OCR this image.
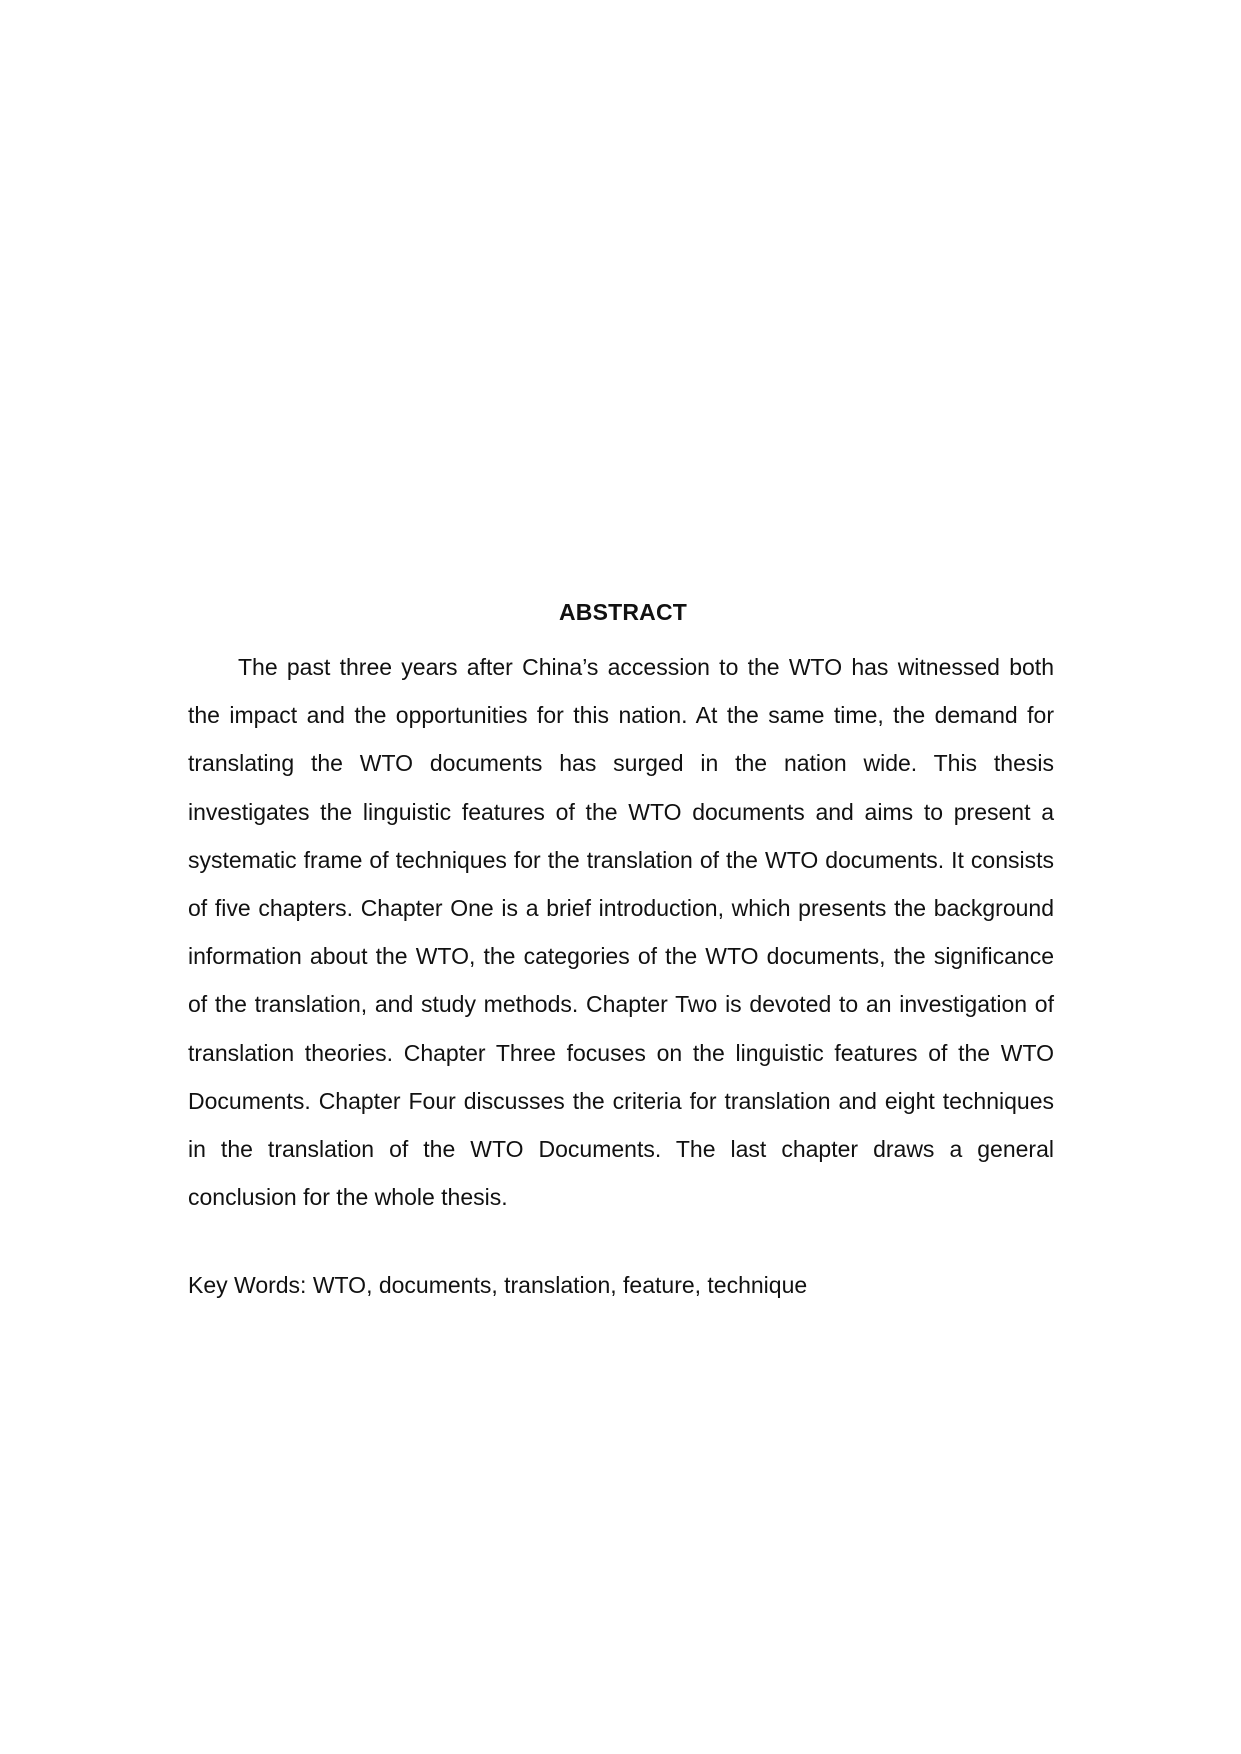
ABSTRACT

The past three years after China’s accession to the WTO has witnessed both the impact and the opportunities for this nation. At the same time, the demand for translating the WTO documents has surged in the nation wide. This thesis investigates the linguistic features of the WTO documents and aims to present a systematic frame of techniques for the translation of the WTO documents. It consists of five chapters. Chapter One is a brief introduction, which presents the background information about the WTO, the categories of the WTO documents, the significance of the translation, and study methods. Chapter Two is devoted to an investigation of translation theories. Chapter Three focuses on the linguistic features of the WTO Documents. Chapter Four discusses the criteria for translation and eight techniques in the translation of the WTO Documents. The last chapter draws a general conclusion for the whole thesis.

Key Words: WTO, documents, translation, feature, technique
